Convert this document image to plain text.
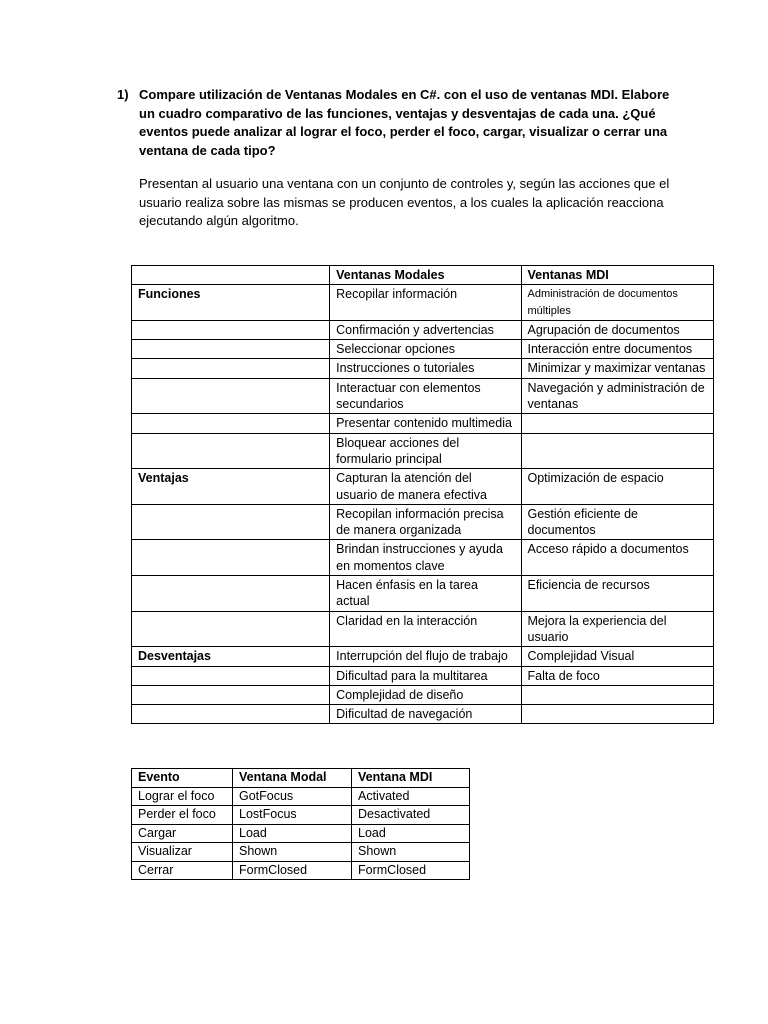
1) Compare utilización de Ventanas Modales en C#. con el uso de ventanas MDI. Elabore un cuadro comparativo de las funciones, ventajas y desventajas de cada una. ¿Qué eventos puede analizar al lograr el foco, perder el foco, cargar, visualizar o cerrar una ventana de cada tipo?
Presentan al usuario una ventana con un conjunto de controles y, según las acciones que el usuario realiza sobre las mismas se producen eventos, a los cuales la aplicación reacciona ejecutando algún algoritmo.
	Ventanas Modales	Ventanas MDI
Funciones	Recopilar información	Administración de documentos múltiples
	Confirmación y advertencias	Agrupación de documentos
	Seleccionar opciones	Interacción entre documentos
	Instrucciones o tutoriales	Minimizar y maximizar ventanas
	Interactuar con elementos secundarios	Navegación y administración de ventanas
	Presentar contenido multimedia	
	Bloquear acciones del formulario principal	
Ventajas	Capturan la atención del usuario de manera efectiva	Optimización de espacio
	Recopilan información precisa de manera organizada	Gestión eficiente de documentos
	Brindan instrucciones y ayuda en momentos clave	Acceso rápido a documentos
	Hacen énfasis en la tarea actual	Eficiencia de recursos
	Claridad en la interacción	Mejora la experiencia del usuario
Desventajas	Interrupción del flujo de trabajo	Complejidad Visual
	Dificultad para la multitarea	Falta de foco
	Complejidad de diseño	
	Dificultad de navegación	
Evento	Ventana Modal	Ventana MDI
Lograr el foco	GotFocus	Activated
Perder el foco	LostFocus	Desactivated
Cargar	Load	Load
Visualizar	Shown	Shown
Cerrar	FormClosed	FormClosed
